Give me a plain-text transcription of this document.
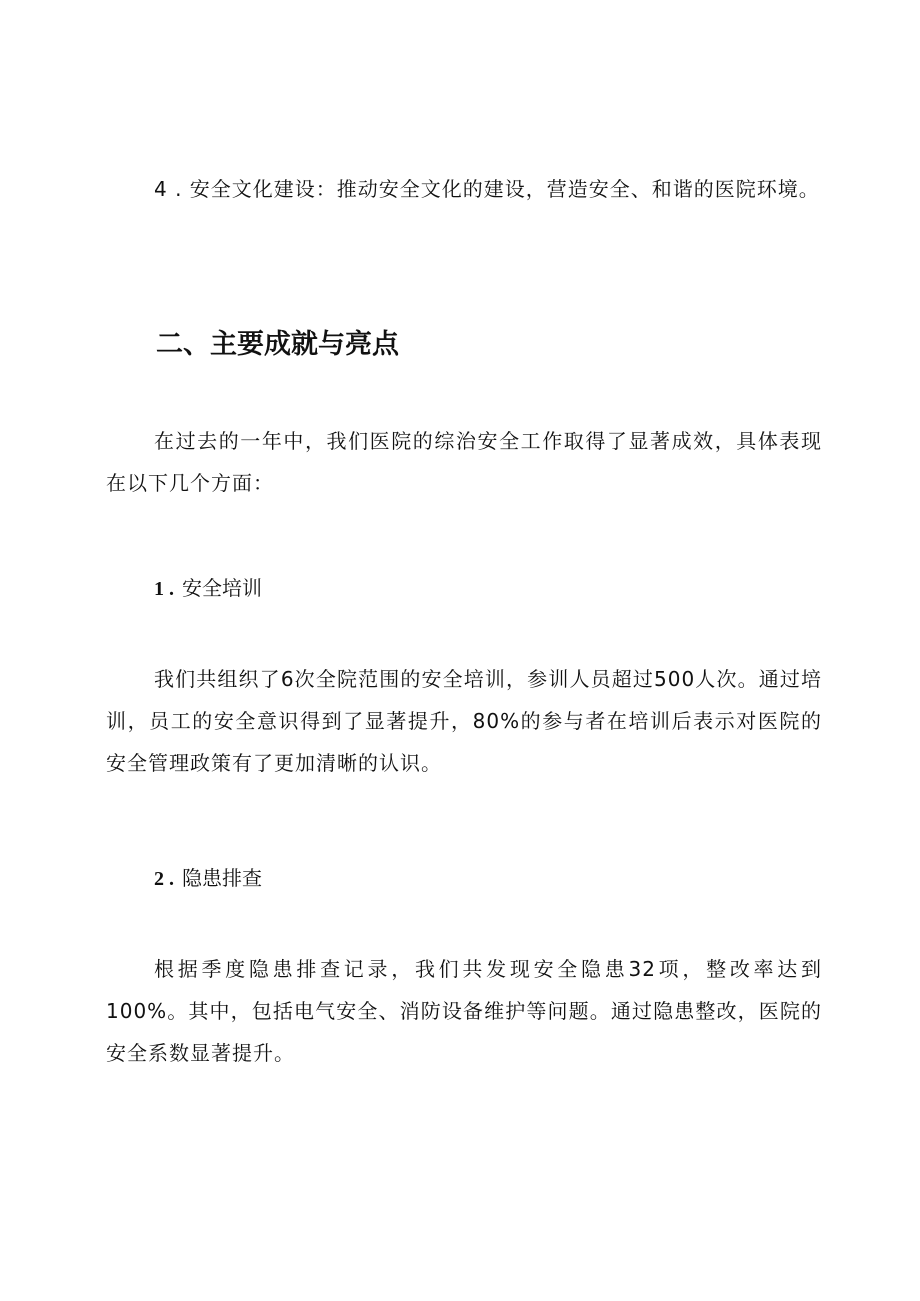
4 . 安全文化建设：推动安全文化的建设，营造安全、和谐的医院环境。

二、主要成就与亮点

在过去的一年中，我们医院的综治安全工作取得了显著成效，具体表现在以下几个方面：

1 . 安全培训

我们共组织了6次全院范围的安全培训，参训人员超过500人次。通过培训，员工的安全意识得到了显著提升，80%的参与者在培训后表示对医院的安全管理政策有了更加清晰的认识。

2 . 隐患排查

根据季度隐患排查记录，我们共发现安全隐患32项，整改率达到100%。其中，包括电气安全、消防设备维护等问题。通过隐患整改，医院的安全系数显著提升。
